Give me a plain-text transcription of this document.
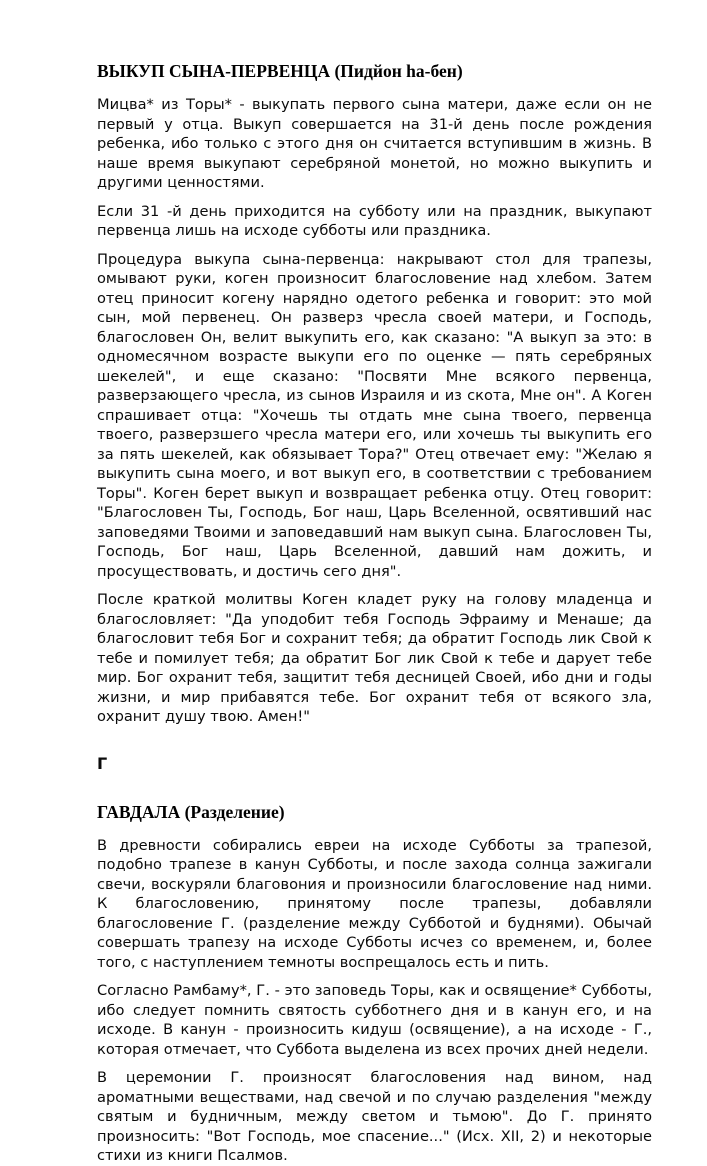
ВЫКУП СЫНА-ПЕРВЕНЦА (Пидйон hа-бен)

Мицва* из Торы* - выкупать первого сына матери, даже если он не первый у отца. Выкуп совершается на 31-й день после рождения ребенка, ибо только с этого дня он считается вступившим в жизнь. В наше время выкупают серебряной монетой, но можно выкупить и другими ценностями.

Если 31 -й день приходится на субботу или на праздник, выкупают первенца лишь на исходе субботы или праздника.

Процедура выкупа сына-первенца: накрывают стол для трапезы, омывают руки, коген произносит благословение над хлебом. Затем отец приносит когену нарядно одетого ребенка и говорит: это мой сын, мой первенец. Он разверз чресла своей матери, и Господь, благословен Он, велит выкупить его, как сказано: "А выкуп за это: в одномесячном возрасте выкупи его по оценке — пять серебряных шекелей", и еще сказано: "Посвяти Мне всякого первенца, разверзающего чресла, из сынов Израиля и из скота, Мне он". А Коген спрашивает отца: "Хочешь ты отдать мне сына твоего, первенца твоего, разверзшего чресла матери его, или хочешь ты выкупить его за пять шекелей, как обязывает Тора?" Отец отвечает ему: "Желаю я выкупить сына моего, и вот выкуп его, в соответствии с требованием Торы". Коген берет выкуп и возвращает ребенка отцу. Отец говорит: "Благословен Ты, Господь, Бог наш, Царь Вселенной, освятивший нас заповедями Твоими и заповедавший нам выкуп сына. Благословен Ты, Господь, Бог наш, Царь Вселенной, давший нам дожить, и просуществовать, и достичь сего дня".

После краткой молитвы Коген кладет руку на голову младенца и благословляет: "Да уподобит тебя Господь Эфраиму и Менаше; да благословит тебя Бог и сохранит тебя; да обратит Господь лик Свой к тебе и помилует тебя; да обратит Бог лик Свой к тебе и дарует тебе мир. Бог охранит тебя, защитит тебя десницей Своей, ибо дни и годы жизни, и мир прибавятся тебе. Бог охранит тебя от всякого зла, охранит душу твою. Амен!"

Г
ГАВДАЛА (Разделение)

В древности собирались евреи на исходе Субботы за трапезой, подобно трапезе в канун Субботы, и после захода солнца зажигали свечи, воскуряли благовония и произносили благословение над ними. К благословению, принятому после трапезы, добавляли благословение Г. (разделение между Субботой и буднями). Обычай совершать трапезу на исходе Субботы исчез со временем, и, более того, с наступлением темноты воспрещалось есть и пить.

Согласно Рамбаму*, Г. - это заповедь Торы, как и освящение* Субботы, ибо следует помнить святость субботнего дня и в канун его, и на исходе. В канун - произносить кидуш (освящение), а на исходе - Г., которая отмечает, что Суббота выделена из всех прочих дней недели.

В церемонии Г. произносят благословения над вином, над ароматными веществами, над свечой и по случаю разделения "между святым и будничным, между светом и тьмою". До Г. принято произносить: "Вот Господь, мое спасение..." (Исх. XII, 2) и некоторые стихи из книги Псалмов.
